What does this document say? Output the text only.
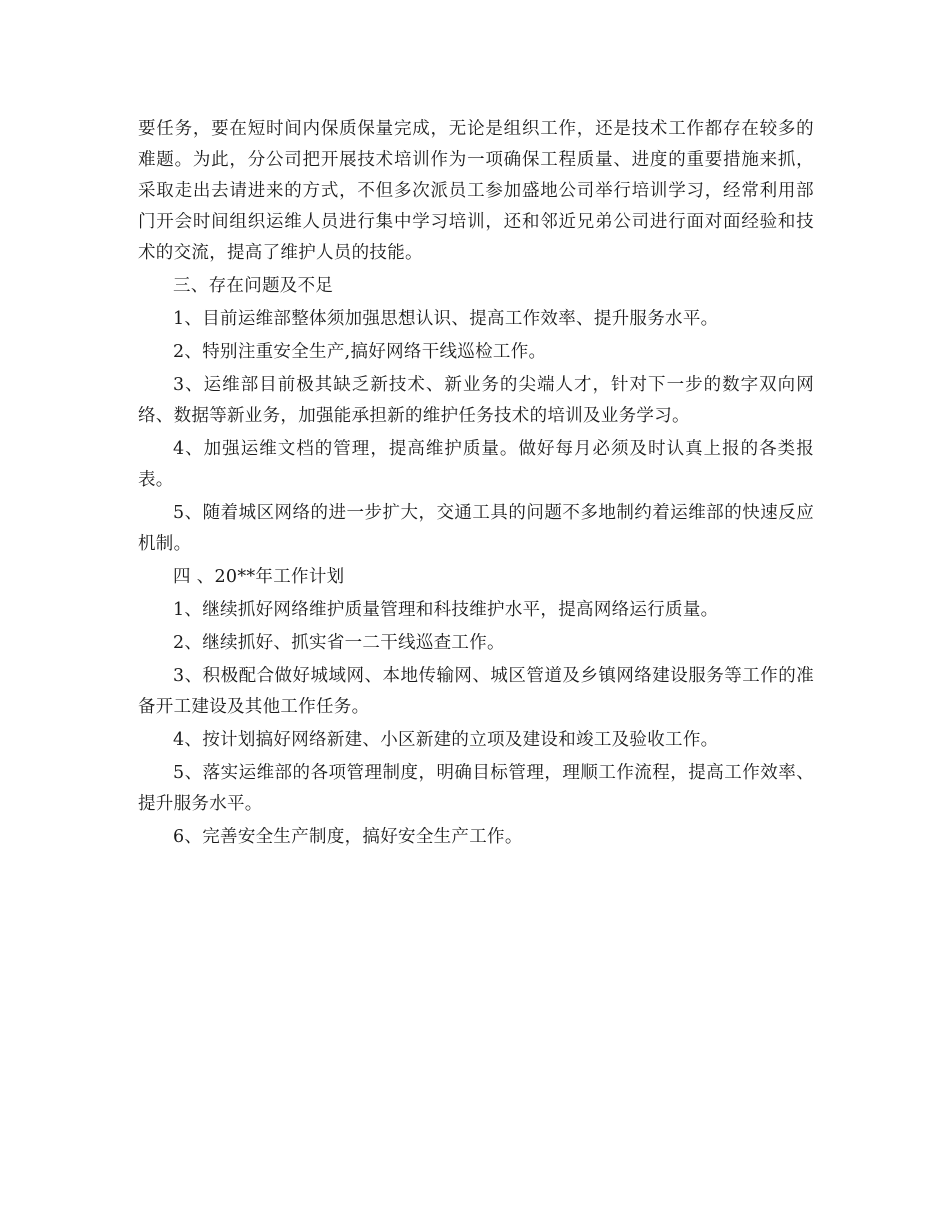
要任务，要在短时间内保质保量完成，无论是组织工作，还是技术工作都存在较多的难题。为此，分公司把开展技术培训作为一项确保工程质量、进度的重要措施来抓，采取走出去请进来的方式，不但多次派员工参加盛地公司举行培训学习，经常利用部门开会时间组织运维人员进行集中学习培训，还和邻近兄弟公司进行面对面经验和技术的交流，提高了维护人员的技能。

三、存在问题及不足

1、目前运维部整体须加强思想认识、提高工作效率、提升服务水平。

2、特别注重安全生产,搞好网络干线巡检工作。

3、运维部目前极其缺乏新技术、新业务的尖端人才，针对下一步的数字双向网络、数据等新业务，加强能承担新的维护任务技术的培训及业务学习。

4、加强运维文档的管理，提高维护质量。做好每月必须及时认真上报的各类报表。

5、随着城区网络的进一步扩大，交通工具的问题不多地制约着运维部的快速反应机制。

四 、20**年工作计划

1、继续抓好网络维护质量管理和科技维护水平，提高网络运行质量。

2、继续抓好、抓实省一二干线巡查工作。

3、积极配合做好城域网、本地传输网、城区管道及乡镇网络建设服务等工作的准备开工建设及其他工作任务。

4、按计划搞好网络新建、小区新建的立项及建设和竣工及验收工作。

5、落实运维部的各项管理制度，明确目标管理，理顺工作流程，提高工作效率、提升服务水平。

6、完善安全生产制度，搞好安全生产工作。
